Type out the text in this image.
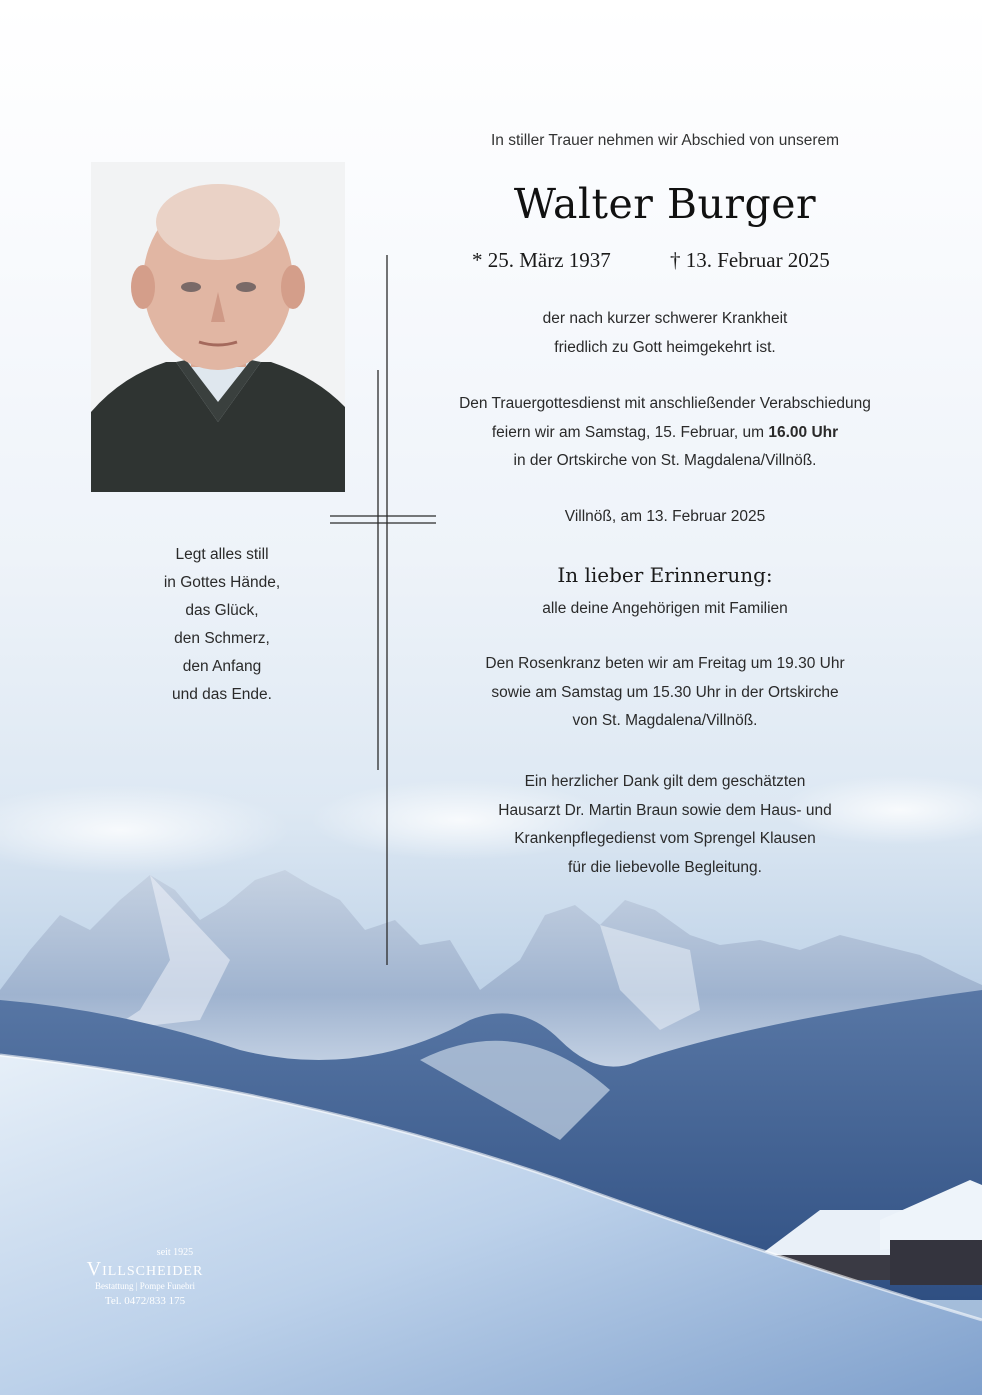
In stiller Trauer nehmen wir Abschied von unserem
Walter Burger
* 25. März 1937	† 13. Februar 2025
der nach kurzer schwerer Krankheit
friedlich zu Gott heimgekehrt ist.
Den Trauergottesdienst mit anschließender Verabschiedung
feiern wir am Samstag, 15. Februar, um 16.00 Uhr
in der Ortskirche von St. Magdalena/Villnöß.
Villnöß, am 13. Februar 2025
In lieber Erinnerung:
alle deine Angehörigen mit Familien
Den Rosenkranz beten wir am Freitag um 19.30 Uhr
sowie am Samstag um 15.30 Uhr in der Ortskirche
von St. Magdalena/Villnöß.
Ein herzlicher Dank gilt dem geschätzten
Hausarzt Dr. Martin Braun sowie dem Haus- und
Krankenpflegedienst vom Sprengel Klausen
für die liebevolle Begleitung.
Legt alles still
in Gottes Hände,
das Glück,
den Schmerz,
den Anfang
und das Ende.
seit 1925
Villscheider
Bestattung | Pompe Funebri
Tel. 0472/833 175
